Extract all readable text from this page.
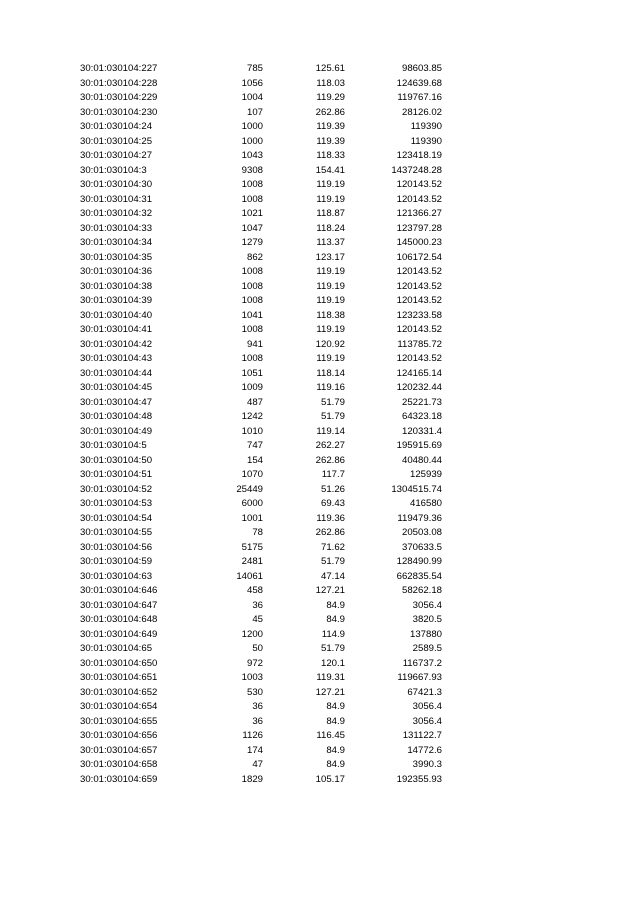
30:01:030104:227	785	125.61	98603.85
30:01:030104:228	1056	118.03	124639.68
30:01:030104:229	1004	119.29	119767.16
30:01:030104:230	107	262.86	28126.02
30:01:030104:24	1000	119.39	119390
30:01:030104:25	1000	119.39	119390
30:01:030104:27	1043	118.33	123418.19
30:01:030104:3	9308	154.41	1437248.28
30:01:030104:30	1008	119.19	120143.52
30:01:030104:31	1008	119.19	120143.52
30:01:030104:32	1021	118.87	121366.27
30:01:030104:33	1047	118.24	123797.28
30:01:030104:34	1279	113.37	145000.23
30:01:030104:35	862	123.17	106172.54
30:01:030104:36	1008	119.19	120143.52
30:01:030104:38	1008	119.19	120143.52
30:01:030104:39	1008	119.19	120143.52
30:01:030104:40	1041	118.38	123233.58
30:01:030104:41	1008	119.19	120143.52
30:01:030104:42	941	120.92	113785.72
30:01:030104:43	1008	119.19	120143.52
30:01:030104:44	1051	118.14	124165.14
30:01:030104:45	1009	119.16	120232.44
30:01:030104:47	487	51.79	25221.73
30:01:030104:48	1242	51.79	64323.18
30:01:030104:49	1010	119.14	120331.4
30:01:030104:5	747	262.27	195915.69
30:01:030104:50	154	262.86	40480.44
30:01:030104:51	1070	117.7	125939
30:01:030104:52	25449	51.26	1304515.74
30:01:030104:53	6000	69.43	416580
30:01:030104:54	1001	119.36	119479.36
30:01:030104:55	78	262.86	20503.08
30:01:030104:56	5175	71.62	370633.5
30:01:030104:59	2481	51.79	128490.99
30:01:030104:63	14061	47.14	662835.54
30:01:030104:646	458	127.21	58262.18
30:01:030104:647	36	84.9	3056.4
30:01:030104:648	45	84.9	3820.5
30:01:030104:649	1200	114.9	137880
30:01:030104:65	50	51.79	2589.5
30:01:030104:650	972	120.1	116737.2
30:01:030104:651	1003	119.31	119667.93
30:01:030104:652	530	127.21	67421.3
30:01:030104:654	36	84.9	3056.4
30:01:030104:655	36	84.9	3056.4
30:01:030104:656	1126	116.45	131122.7
30:01:030104:657	174	84.9	14772.6
30:01:030104:658	47	84.9	3990.3
30:01:030104:659	1829	105.17	192355.93
